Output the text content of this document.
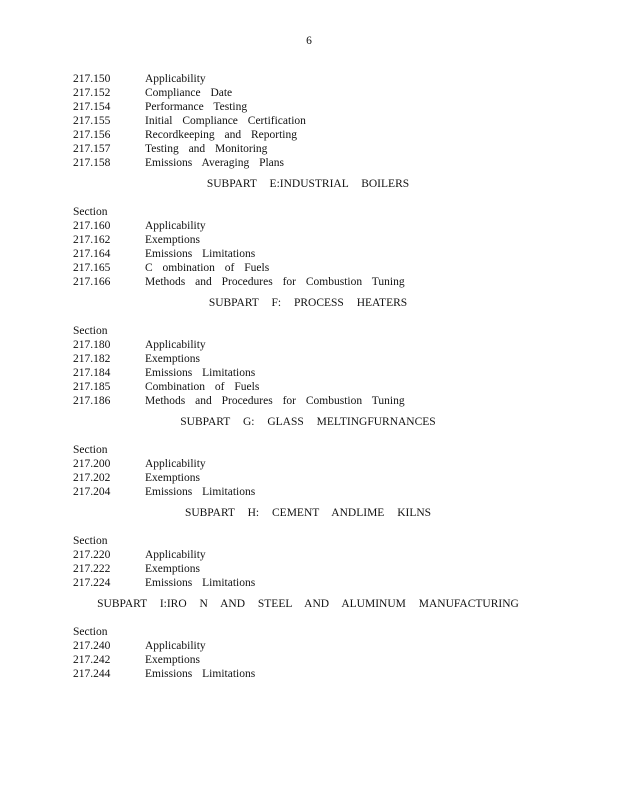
6
217.150	Applicability
217.152	Compliance Date
217.154	Performance Testing
217.155	Initial Compliance Certification
217.156	Recordkeeping and Reporting
217.157	Testing and Monitoring
217.158	Emissions Averaging Plans
SUBPART E:INDUSTRIAL BOILERS
Section
217.160	Applicability
217.162	Exemptions
217.164	Emissions Limitations
217.165	C ombination of Fuels
217.166	Methods and Procedures for Combustion Tuning
SUBPART F: PROCESS HEATERS
Section
217.180	Applicability
217.182	Exemptions
217.184	Emissions Limitations
217.185	Combination of Fuels
217.186	Methods and Procedures for Combustion Tuning
SUBPART G: GLASS MELTINGFURNANCES
Section
217.200	Applicability
217.202	Exemptions
217.204	Emissions Limitations
SUBPART H: CEMENT ANDLIME KILNS
Section
217.220	Applicability
217.222	Exemptions
217.224	Emissions Limitations
SUBPART I:IRO N AND STEEL AND ALUMINUM MANUFACTURING
Section
217.240	Applicability
217.242	Exemptions
217.244	Emissions Limitations
